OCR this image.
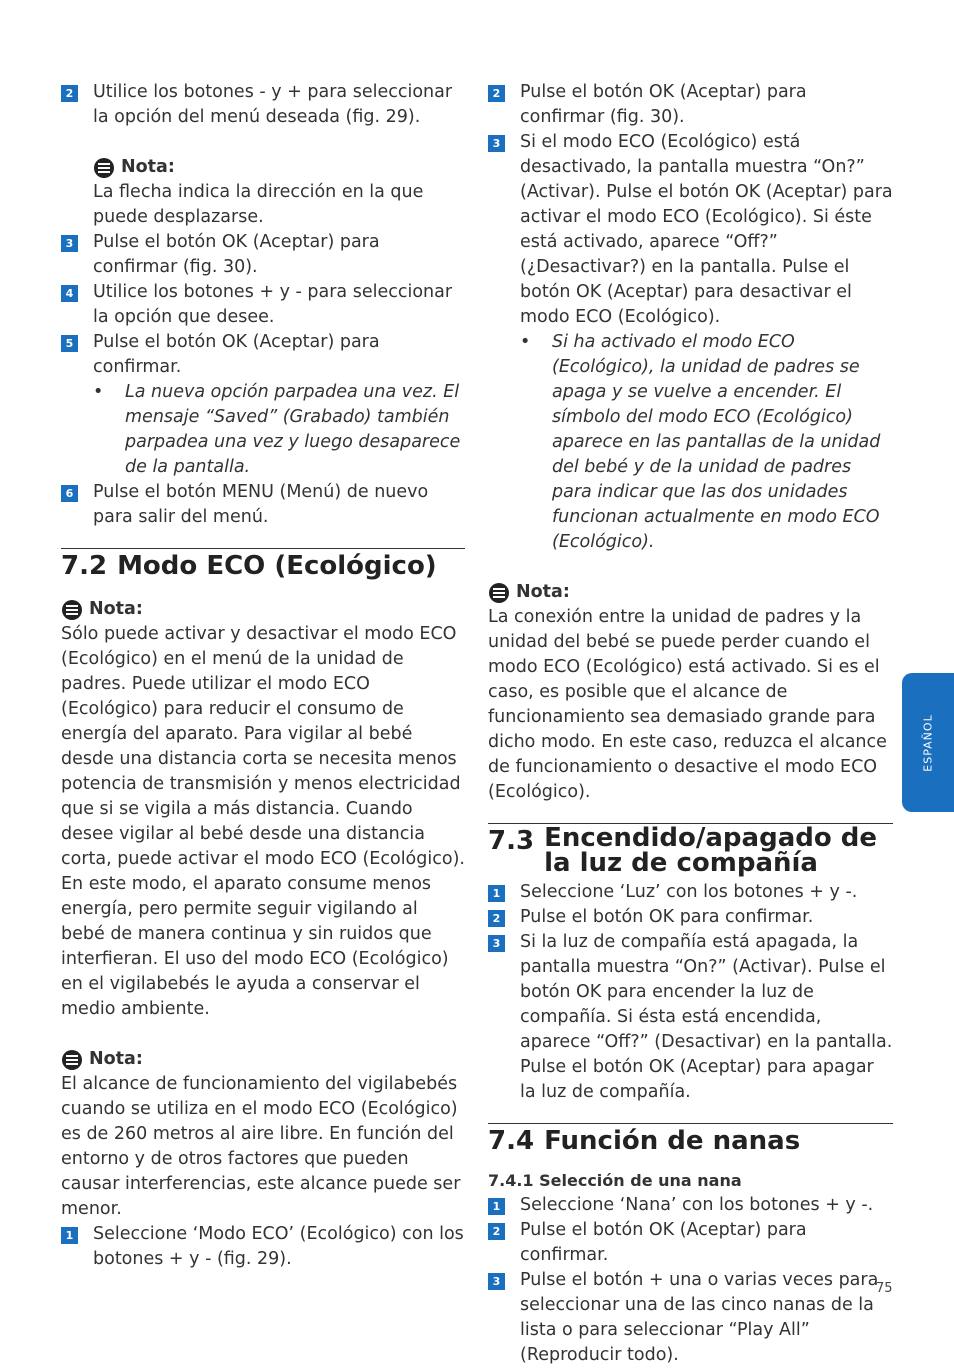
2 Utilice los botones - y + para seleccionar la opción del menú deseada (fig. 29).
Nota:
La flecha indica la dirección en la que puede desplazarse.
3 Pulse el botón OK (Aceptar) para confirmar (fig. 30).
4 Utilice los botones + y - para seleccionar la opción que desee.
5 Pulse el botón OK (Aceptar) para confirmar.
• La nueva opción parpadea una vez. El mensaje “Saved” (Grabado) también parpadea una vez y luego desaparece de la pantalla.
6 Pulse el botón MENU (Menú) de nuevo para salir del menú.
7.2 Modo ECO (Ecológico)
Nota:
Sólo puede activar y desactivar el modo ECO (Ecológico) en el menú de la unidad de padres. Puede utilizar el modo ECO (Ecológico) para reducir el consumo de energía del aparato. Para vigilar al bebé desde una distancia corta se necesita menos potencia de transmisión y menos electricidad que si se vigila a más distancia. Cuando desee vigilar al bebé desde una distancia corta, puede activar el modo ECO (Ecológico). En este modo, el aparato consume menos energía, pero permite seguir vigilando al bebé de manera continua y sin ruidos que interfieran. El uso del modo ECO (Ecológico) en el vigilabebés le ayuda a conservar el medio ambiente.
Nota:
El alcance de funcionamiento del vigilabebés cuando se utiliza en el modo ECO (Ecológico) es de 260 metros al aire libre. En función del entorno y de otros factores que pueden causar interferencias, este alcance puede ser menor.
1 Seleccione ‘Modo ECO’ (Ecológico) con los botones + y - (fig. 29).
2 Pulse el botón OK (Aceptar) para confirmar (fig. 30).
3 Si el modo ECO (Ecológico) está desactivado, la pantalla muestra “On?” (Activar). Pulse el botón OK (Aceptar) para activar el modo ECO (Ecológico). Si éste está activado, aparece “Off?” (¿Desactivar?) en la pantalla. Pulse el botón OK (Aceptar) para desactivar el modo ECO (Ecológico).
• Si ha activado el modo ECO (Ecológico), la unidad de padres se apaga y se vuelve a encender. El símbolo del modo ECO (Ecológico) aparece en las pantallas de la unidad del bebé y de la unidad de padres para indicar que las dos unidades funcionan actualmente en modo ECO (Ecológico).
Nota:
La conexión entre la unidad de padres y la unidad del bebé se puede perder cuando el modo ECO (Ecológico) está activado. Si es el caso, es posible que el alcance de funcionamiento sea demasiado grande para dicho modo. En este caso, reduzca el alcance de funcionamiento o desactive el modo ECO (Ecológico).
7.3 Encendido/apagado de la luz de compañía
1 Seleccione ‘Luz’ con los botones + y -.
2 Pulse el botón OK para confirmar.
3 Si la luz de compañía está apagada, la pantalla muestra “On?” (Activar). Pulse el botón OK para encender la luz de compañía. Si ésta está encendida, aparece “Off?” (Desactivar) en la pantalla. Pulse el botón OK (Aceptar) para apagar la luz de compañía.
7.4 Función de nanas
7.4.1 Selección de una nana
1 Seleccione ‘Nana’ con los botones + y -.
2 Pulse el botón OK (Aceptar) para confirmar.
3 Pulse el botón + una o varias veces para seleccionar una de las cinco nanas de la lista o para seleccionar “Play All” (Reproducir todo).
ESPAÑOL
75
